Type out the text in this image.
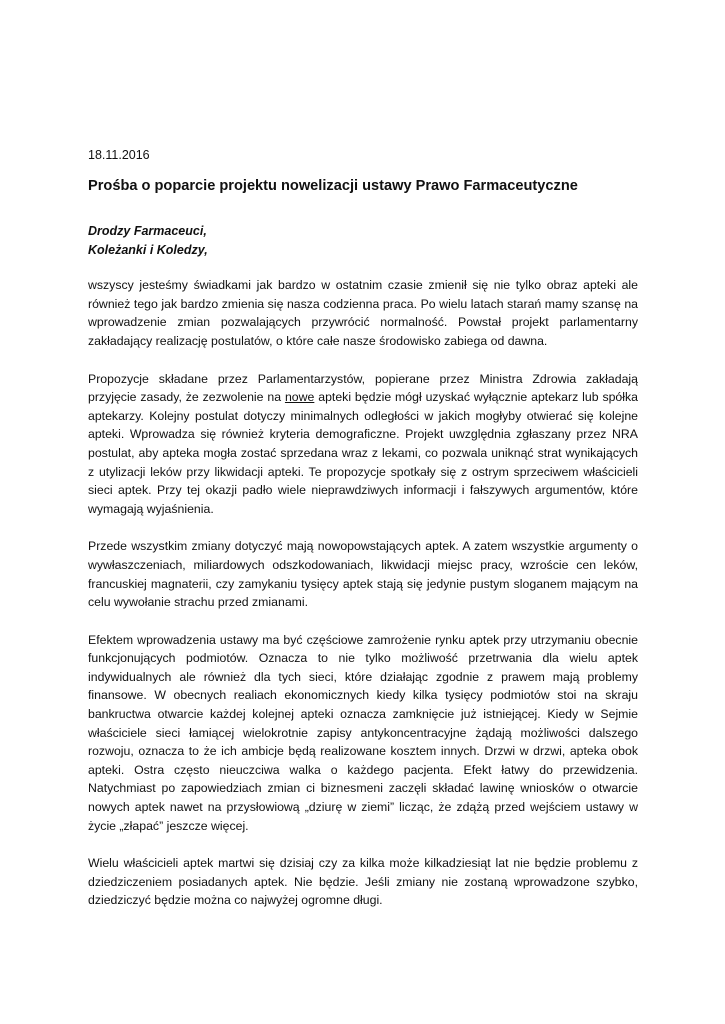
18.11.2016
Prośba o poparcie projektu nowelizacji ustawy Prawo Farmaceutyczne
Drodzy Farmaceuci,
Koleżanki i Koledzy,

wszyscy jesteśmy świadkami jak bardzo w ostatnim czasie zmienił się nie tylko obraz apteki ale również tego jak bardzo zmienia się nasza codzienna praca. Po wielu latach starań mamy szansę na wprowadzenie zmian pozwalających przywrócić normalność. Powstał projekt parlamentarny zakładający realizację postulatów, o które całe nasze środowisko zabiega od dawna.

Propozycje składane przez Parlamentarzystów, popierane przez Ministra Zdrowia zakładają przyjęcie zasady, że zezwolenie na nowe apteki będzie mógł uzyskać wyłącznie aptekarz lub spółka aptekarzy. Kolejny postulat dotyczy minimalnych odległości w jakich mogłyby otwierać się kolejne apteki. Wprowadza się również kryteria demograficzne. Projekt uwzględnia zgłaszany przez NRA postulat, aby apteka mogła zostać sprzedana wraz z lekami, co pozwala uniknąć strat wynikających z utylizacji leków przy likwidacji apteki. Te propozycje spotkały się z ostrym sprzeciwem właścicieli sieci aptek. Przy tej okazji padło wiele nieprawdziwych informacji i fałszywych argumentów, które wymagają wyjaśnienia.

Przede wszystkim zmiany dotyczyć mają nowopowstających aptek. A zatem wszystkie argumenty o wywłaszczeniach, miliardowych odszkodowaniach, likwidacji miejsc pracy, wzroście cen leków, francuskiej magnaterii, czy zamykaniu tysięcy aptek stają się jedynie pustym sloganem mającym na celu wywołanie strachu przed zmianami.

Efektem wprowadzenia ustawy ma być częściowe zamrożenie rynku aptek przy utrzymaniu obecnie funkcjonujących podmiotów. Oznacza to nie tylko możliwość przetrwania dla wielu aptek indywidualnych ale również dla tych sieci, które działając zgodnie z prawem mają problemy finansowe. W obecnych realiach ekonomicznych kiedy kilka tysięcy podmiotów stoi na skraju bankructwa otwarcie każdej kolejnej apteki oznacza zamknięcie już istniejącej. Kiedy w Sejmie właściciele sieci łamiącej wielokrotnie zapisy antykoncentracyjne żądają możliwości dalszego rozwoju, oznacza to że ich ambicje będą realizowane kosztem innych. Drzwi w drzwi, apteka obok apteki. Ostra często nieuczciwa walka o każdego pacjenta. Efekt łatwy do przewidzenia. Natychmiast po zapowiedziach zmian ci biznesmeni zaczęli składać lawinę wniosków o otwarcie nowych aptek nawet na przysłowiową „dziurę w ziemi” licząc, że zdążą przed wejściem ustawy w życie „złapać” jeszcze więcej.

Wielu właścicieli aptek martwi się dzisiaj czy za kilka może kilkadziesiąt lat nie będzie problemu z dziedziczeniem posiadanych aptek. Nie będzie. Jeśli zmiany nie zostaną wprowadzone szybko, dziedziczyć będzie można co najwyżej ogromne długi.
